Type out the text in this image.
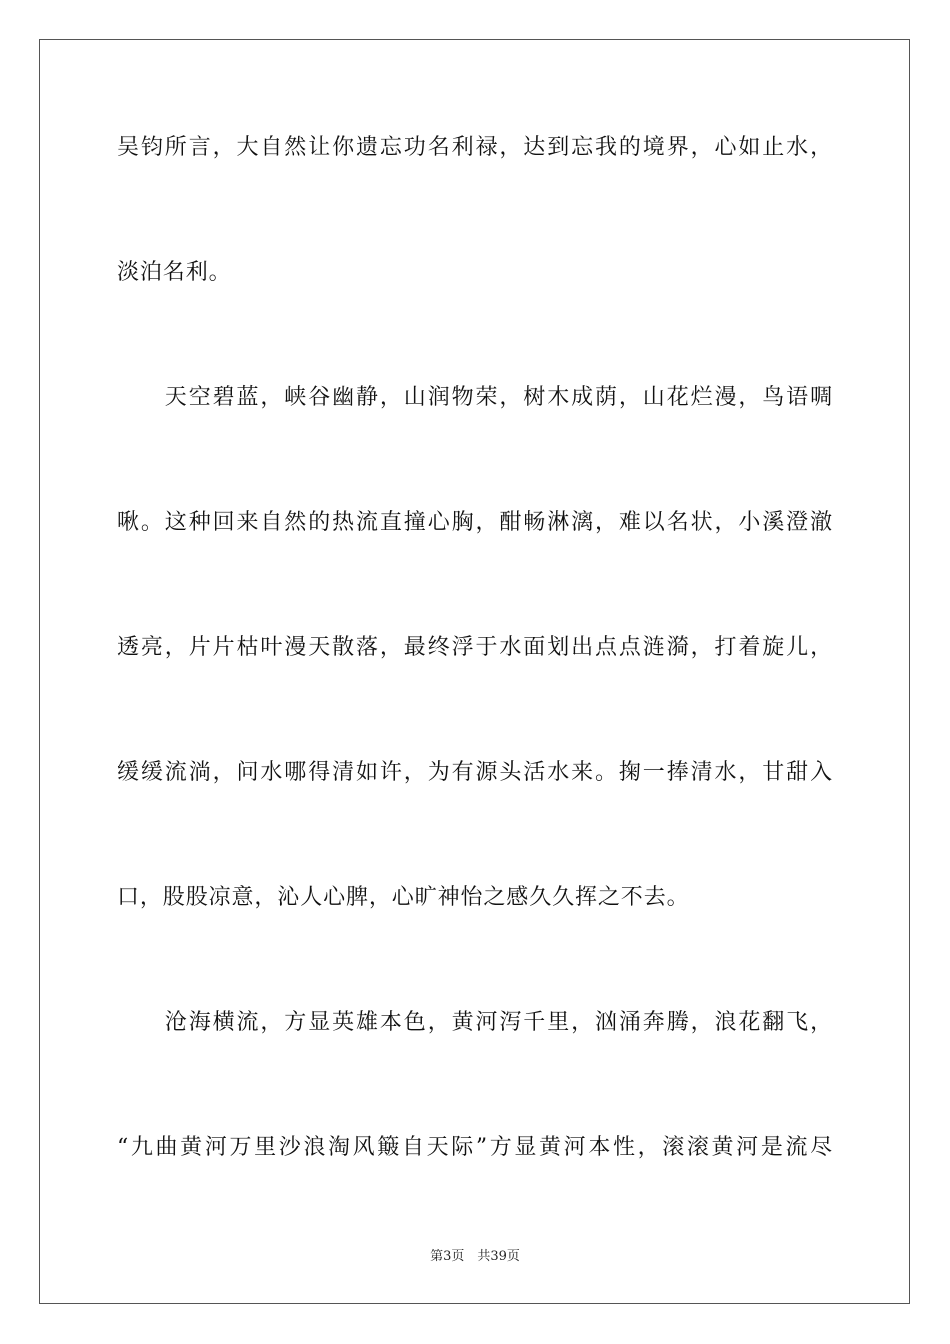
吴钧所言，大自然让你遗忘功名利禄，达到忘我的境界，心如止水，
淡泊名利。
　　天空碧蓝，峡谷幽静，山润物荣，树木成荫，山花烂漫，鸟语啁
啾。这种回来自然的热流直撞心胸，酣畅淋漓，难以名状，小溪澄澈
透亮，片片枯叶漫天散落，最终浮于水面划出点点涟漪，打着旋儿，
缓缓流淌，问水哪得清如许，为有源头活水来。掬一捧清水，甘甜入
口，股股凉意，沁人心脾，心旷神怡之感久久挥之不去。
　　沧海横流，方显英雄本色，黄河泻千里，汹涌奔腾，浪花翻飞，
“九曲黄河万里沙浪淘风簸自天际”方显黄河本性，滚滚黄河是流尽
第3页　共39页
